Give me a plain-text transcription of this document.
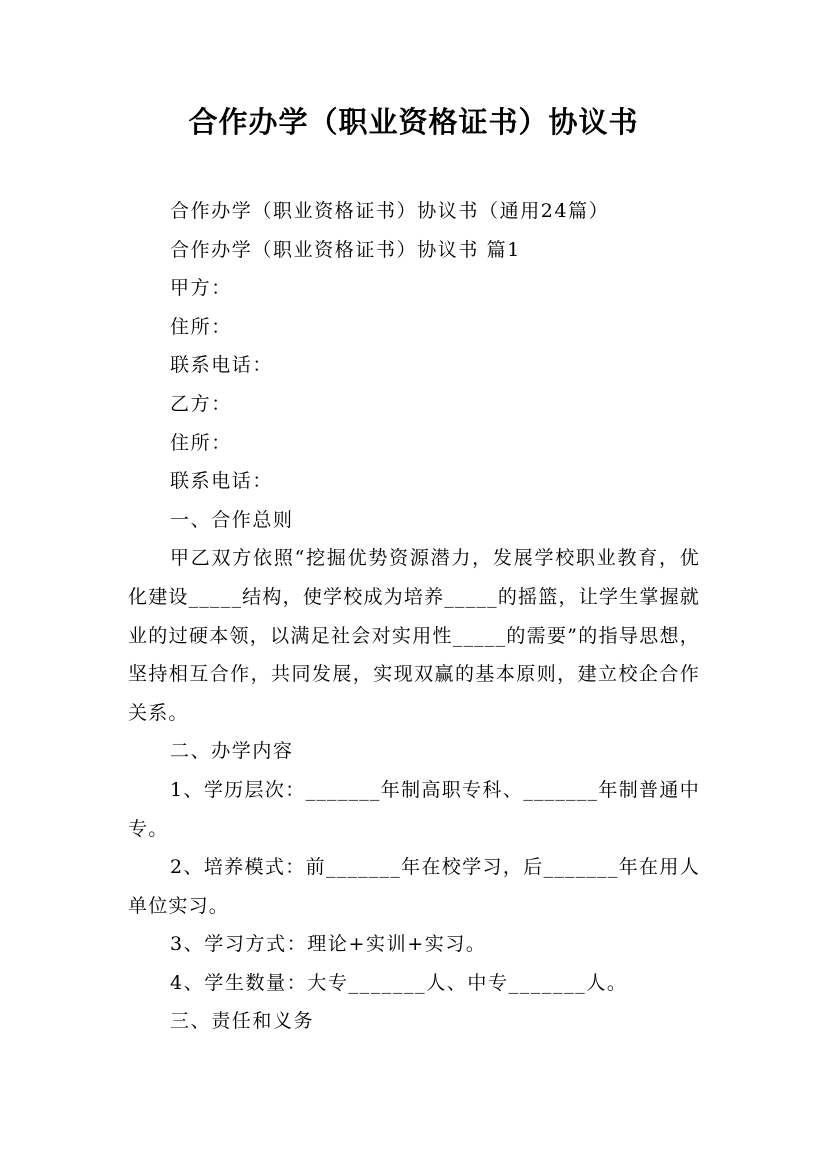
合作办学（职业资格证书）协议书
合作办学（职业资格证书）协议书（通用24篇）
合作办学（职业资格证书）协议书 篇1
甲方：
住所：
联系电话：
乙方：
住所：
联系电话：
一、合作总则

甲乙双方依照“挖掘优势资源潜力，发展学校职业教育，优化建设_____结构，使学校成为培养_____的摇篮，让学生掌握就业的过硬本领，以满足社会对实用性_____的需要”的指导思想，坚持相互合作，共同发展，实现双赢的基本原则，建立校企合作关系。

二、办学内容

1、学历层次：_______年制高职专科、_______年制普通中专。

2、培养模式：前_______年在校学习，后_______年在用人单位实习。

3、学习方式：理论+实训+实习。
4、学生数量：大专_______人、中专_______人。
三、责任和义务
